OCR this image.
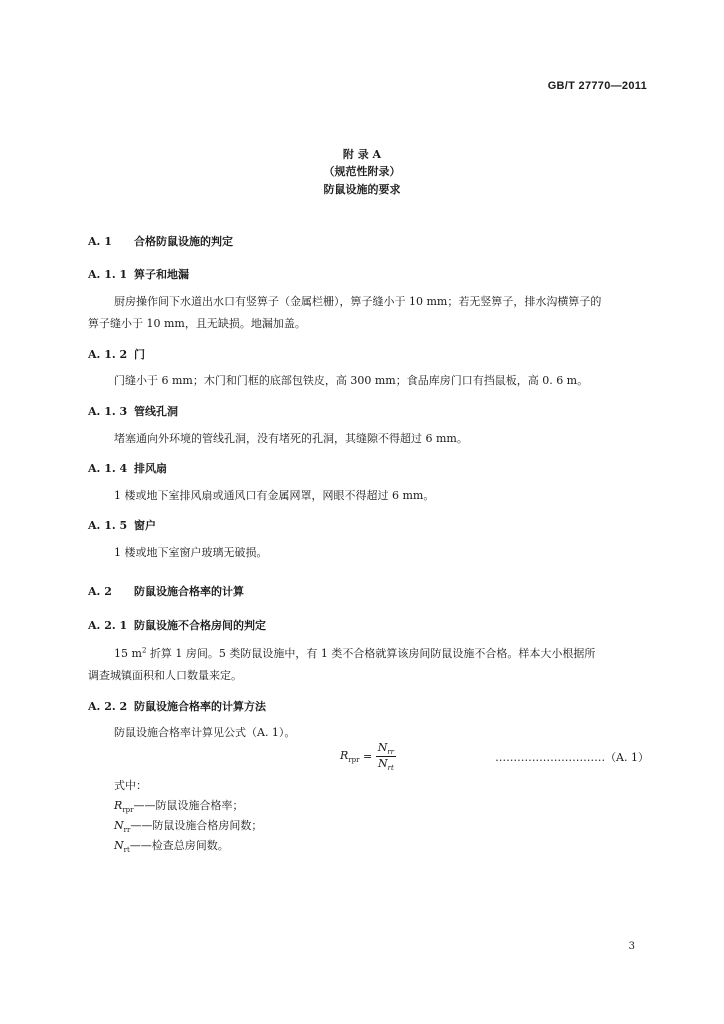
GB/T 27770—2011
附 录 A
（规范性附录）
防鼠设施的要求
A. 1 合格防鼠设施的判定
A. 1. 1 箅子和地漏
厨房操作间下水道出水口有竖箅子（金属栏栅），箅子缝小于 10 mm；若无竖箅子，排水沟横箅子的
箅子缝小于 10 mm，且无缺损。地漏加盖。
A. 1. 2 门
门缝小于 6 mm；木门和门框的底部包铁皮，高 300 mm；食品库房门口有挡鼠板，高 0. 6 m。
A. 1. 3 管线孔洞
堵塞通向外环境的管线孔洞，没有堵死的孔洞，其缝隙不得超过 6 mm。
A. 1. 4 排风扇
1 楼或地下室排风扇或通风口有金属网罩，网眼不得超过 6 mm。
A. 1. 5 窗户
1 楼或地下室窗户玻璃无破损。
A. 2 防鼠设施合格率的计算
A. 2. 1 防鼠设施不合格房间的判定
15 $m^2$ 折算 1 房间。5 类防鼠设施中，有 1 类不合格就算该房间防鼠设施不合格。样本大小根据所
调查城镇面积和人口数量来定。
A. 2. 2 防鼠设施合格率的计算方法
防鼠设施合格率计算见公式（A. 1）。
$R_{rpr} = \frac{N_{rr}}{N_{rt}}$	…………………………（A. 1）
式中：
$R_{rpr}——$防鼠设施合格率；
$N_{rr}——$防鼠设施合格房间数；
$N_{rt}——$检查总房间数。
3
